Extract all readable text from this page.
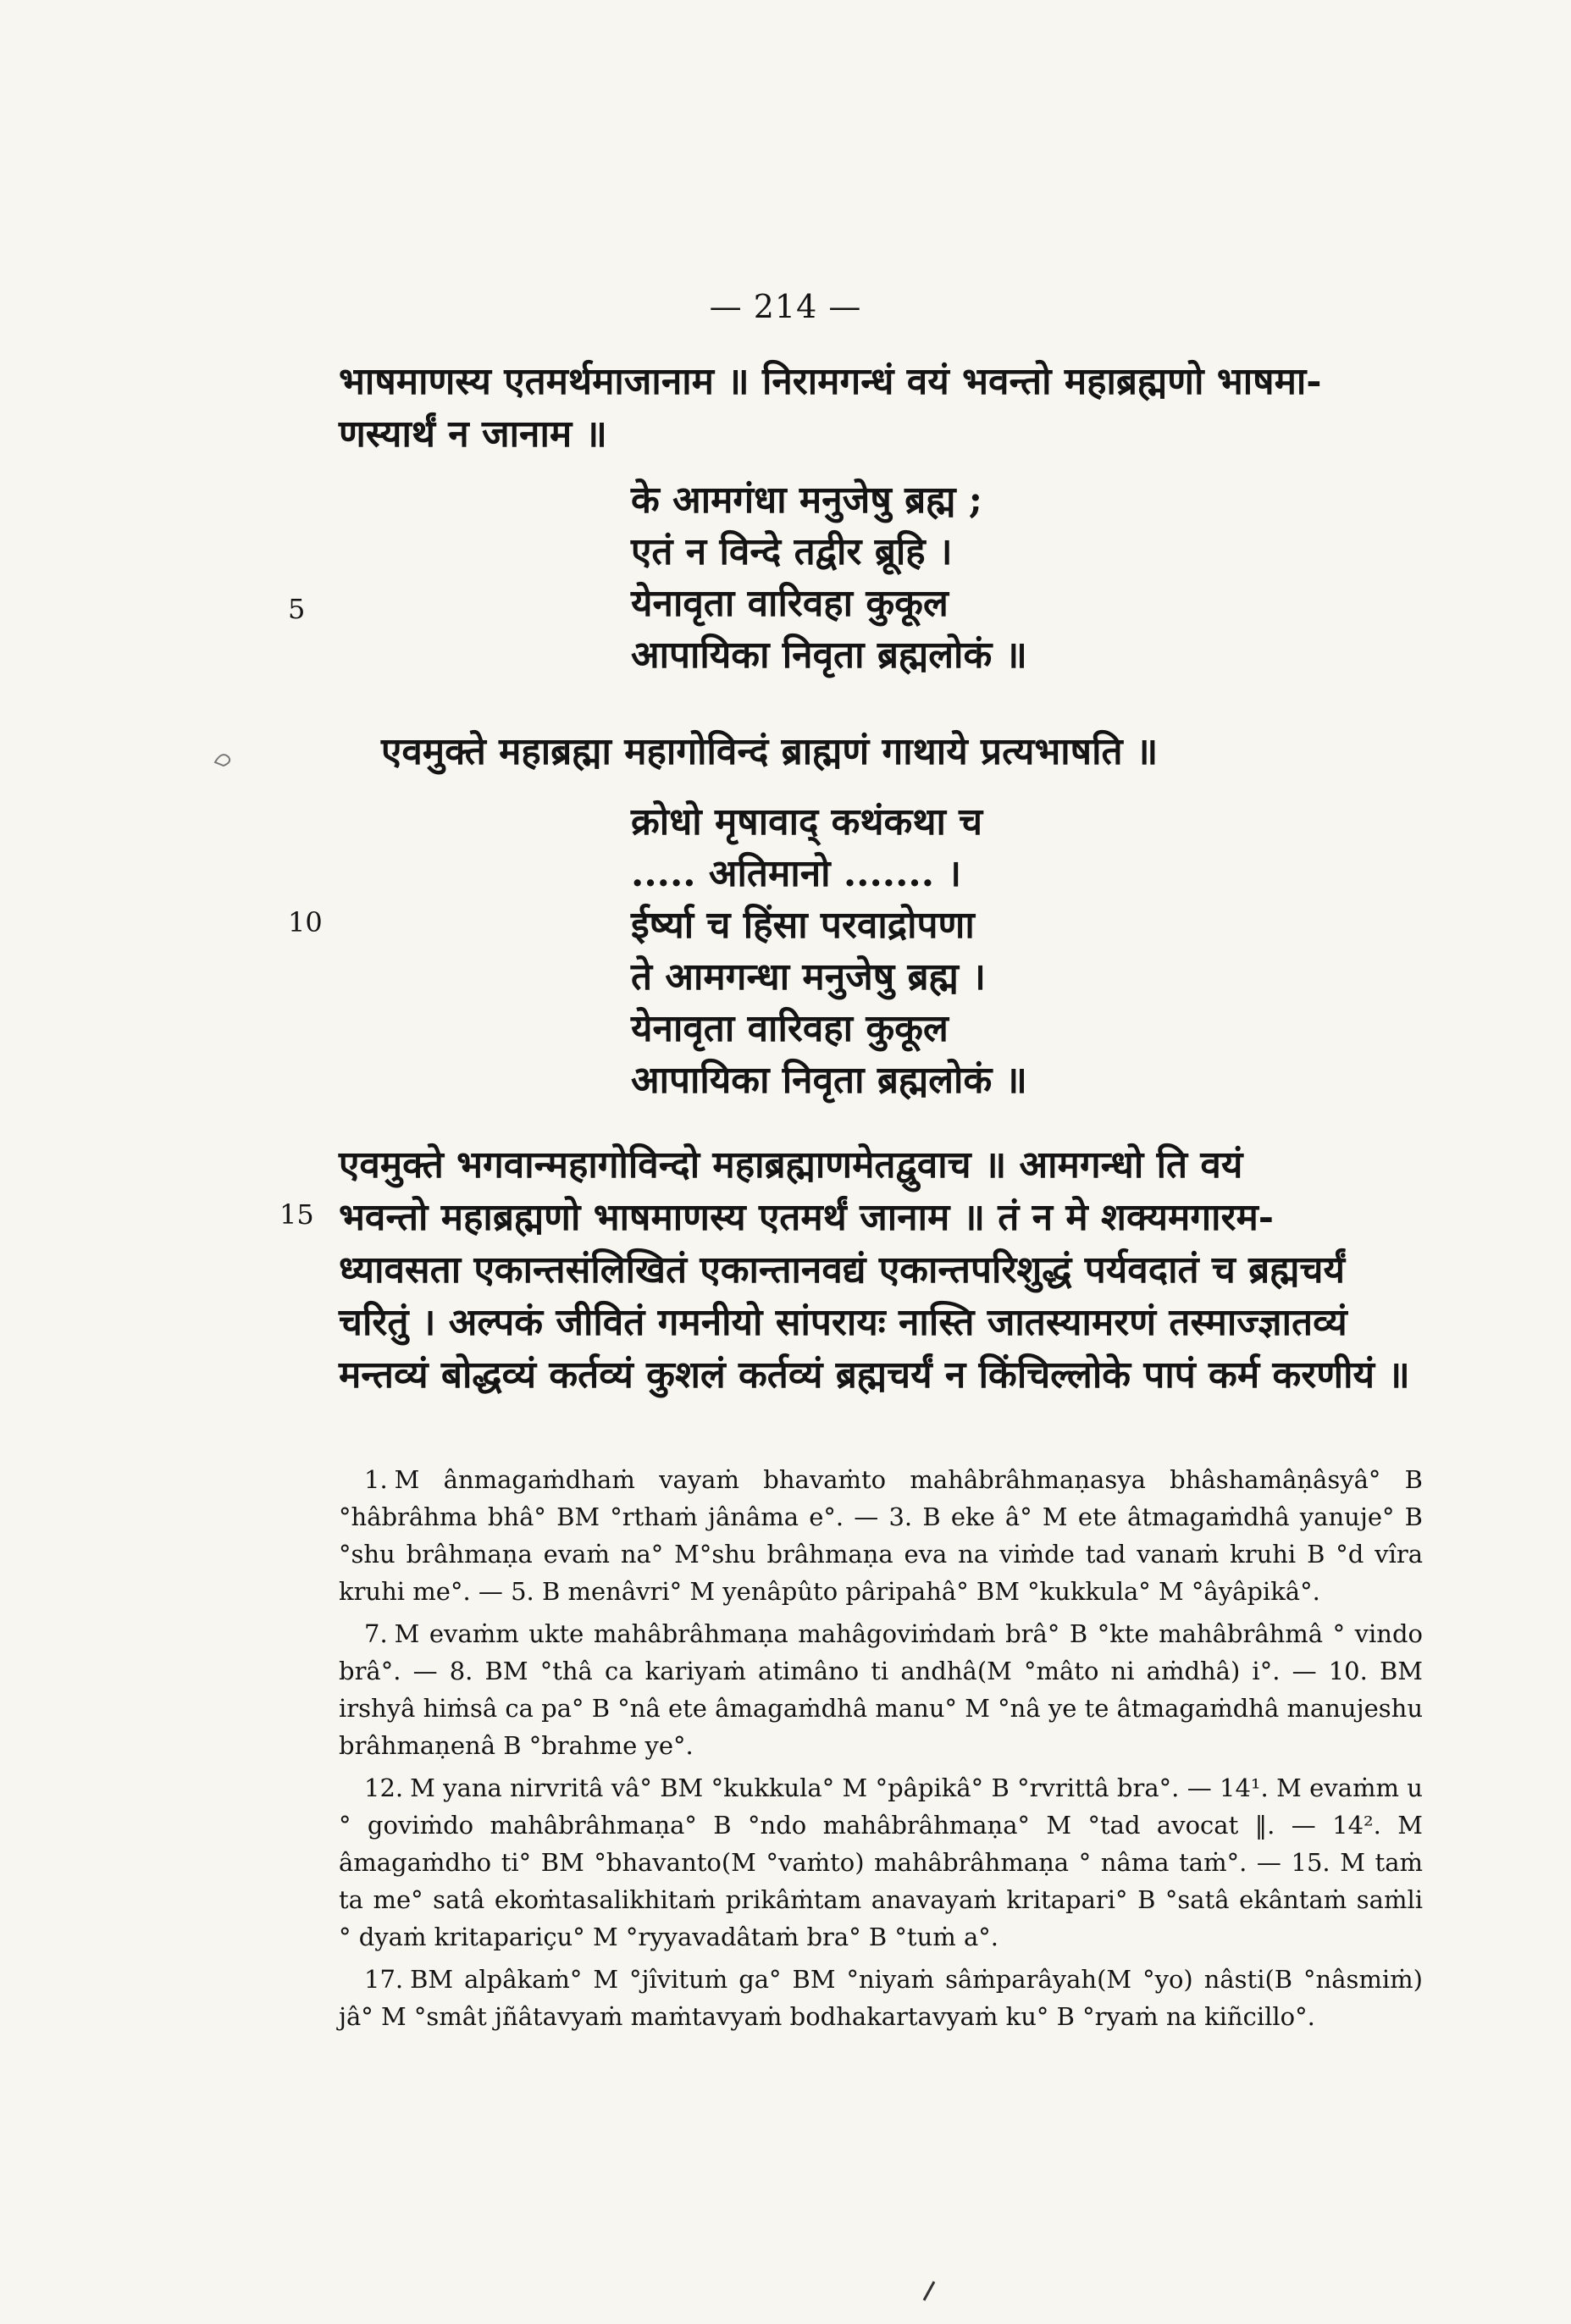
— 214 —
भाषमाणस्य एतमर्थमाजानाम ॥ निरामगन्धं वयं भवन्तो महाब्रह्मणो भाषमा-
णस्यार्थं न जानाम ॥
के आमगंधा मनुजेषु ब्रह्म ;
एतं न विन्दे तद्वीर ब्रूहि ।
येनावृता वारिवहा कुकूल
आपायिका निवृता ब्रह्मलोकं ॥
5
एवमुक्ते महाब्रह्मा महागोविन्दं ब्राह्मणं गाथाये प्रत्यभाषति ॥
क्रोधो मृषावाद् कथंकथा च
..... अतिमानो ....... ।
ईर्ष्या च हिंसा परवाद्रोपणा
ते आमगन्धा मनुजेषु ब्रह्म ।
येनावृता वारिवहा कुकूल
आपायिका निवृता ब्रह्मलोकं ॥
10
एवमुक्ते भगवान्महागोविन्दो महाब्रह्माणमेतद्वुवाच ॥ आमगन्धो ति वयं
भवन्तो महाब्रह्मणो भाषमाणस्य एतमर्थं जानाम ॥ तं न मे शक्यमगारम-
ध्यावसता एकान्तसंलिखितं एकान्तानवद्यं एकान्तपरिशुद्धं पर्यवदातं च ब्रह्मचर्यं
चरितुं । अल्पकं जीवितं गमनीयो सांपरायः नास्ति जातस्यामरणं तस्माज्ज्ञातव्यं
मन्तव्यं बोद्धव्यं कर्तव्यं कुशलं कर्तव्यं ब्रह्मचर्यं न किंचिल्लोके पापं कर्म करणीयं ॥
15

1. M ânmagaṁdhaṁ vayaṁ bhavaṁto mahâbrâhmaṇasya bhâshamâṇâsyâ° B °hâbrâhma bhâ° BM °rthaṁ jânâma e°. — 3. B eke â° M ete âtmagaṁdhâ yanuje° B °shu brâhmaṇa evaṁ na° M°shu brâhmaṇa eva na viṁde tad vanaṁ kruhi B °d vîra kruhi me°. — 5. B menâvri° M yenâpûto pâripahâ° BM °kukkula° M °âyâpikâ°.

7. M evaṁm ukte mahâbrâhmaṇa mahâgoviṁdaṁ brâ° B °kte mahâbrâhmâ ° vindo brâ°. — 8. BM °thâ ca kariyaṁ atimâno ti andhâ(M °mâto ni aṁdhâ) i°. — 10. BM irshyâ hiṁsâ ca pa° B °nâ ete âmagaṁdhâ manu° M °nâ ye te âtmagaṁdhâ manujeshu brâhmaṇenâ B °brahme ye°.

12. M yana nirvritâ vâ° BM °kukkula° M °pâpikâ° B °rvrittâ bra°. — 14¹. M evaṁm u ° goviṁdo mahâbrâhmaṇa° B °ndo mahâbrâhmaṇa° M °tad avocat ‖. — 14². M âmagaṁdho ti° BM °bhavanto(M °vaṁto) mahâbrâhmaṇa ° nâma taṁ°. — 15. M taṁ ta me° satâ ekoṁtasalikhitaṁ prikâṁtam anavayaṁ kritapari° B °satâ ekântaṁ saṁli ° dyaṁ kritapariçu° M °ryyavadâtaṁ bra° B °tuṁ a°.

17. BM alpâkaṁ° M °jîvituṁ ga° BM °niyaṁ sâṁparâyah(M °yo) nâsti(B °nâsmiṁ) jâ° M °smât jñâtavyaṁ maṁtavyaṁ bodhakartavyaṁ ku° B °ryaṁ na kiñcillo°.
